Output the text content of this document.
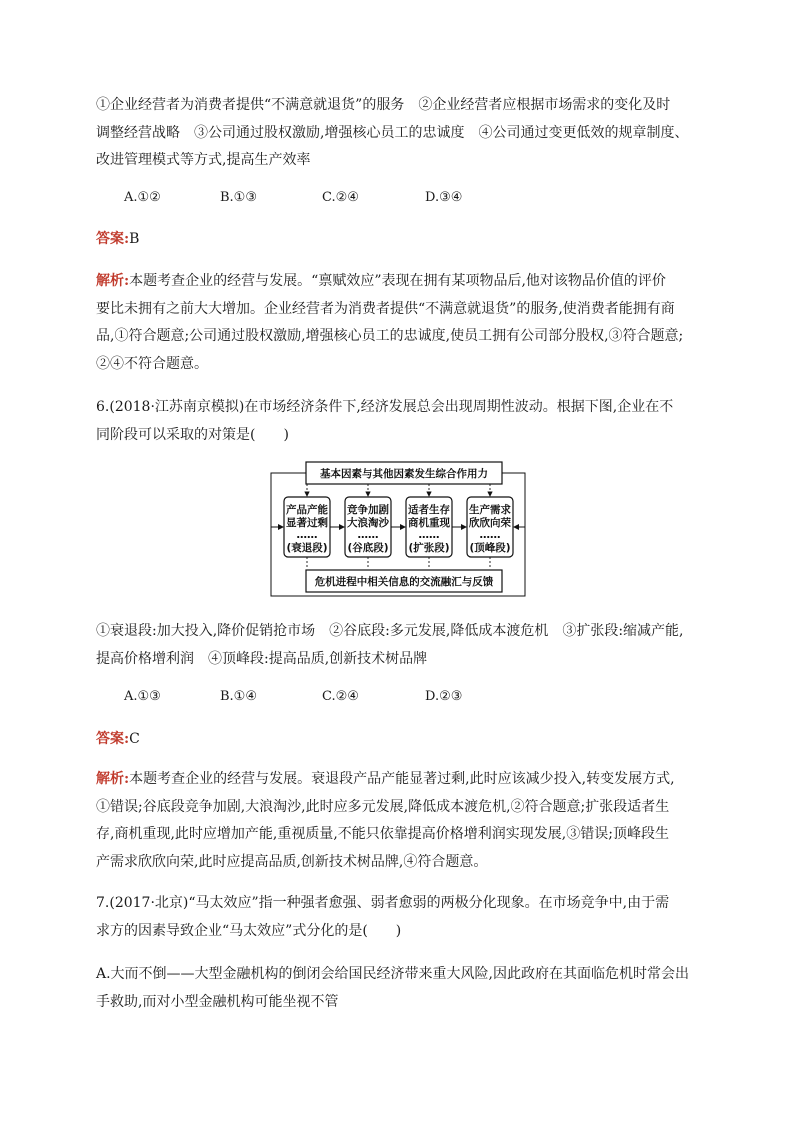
①企业经营者为消费者提供“不满意就退货”的服务　②企业经营者应根据市场需求的变化及时
调整经营战略　③公司通过股权激励,增强核心员工的忠诚度　④公司通过变更低效的规章制度、
改进管理模式等方式,提高生产效率
A.①②	B.①③	C.②④	D.③④
答案:B
解析:本题考查企业的经营与发展。“禀赋效应”表现在拥有某项物品后,他对该物品价值的评价
要比未拥有之前大大增加。企业经营者为消费者提供“不满意就退货”的服务,使消费者能拥有商
品,①符合题意;公司通过股权激励,增强核心员工的忠诚度,使员工拥有公司部分股权,③符合题意;
②④不符合题意。
6.(2018·江苏南京模拟)在市场经济条件下,经济发展总会出现周期性波动。根据下图,企业在不
同阶段可以采取的对策是(　　)
基本因素与其他因素发生综合作用力
危机进程中相关信息的交流融汇与反馈
产品产能
显著过剩
……
(衰退段)
竞争加剧
大浪淘沙
……
(谷底段)
适者生存
商机重现
……
(扩张段)
生产需求
欣欣向荣
……
(顶峰段)
①衰退段:加大投入,降价促销抢市场　②谷底段:多元发展,降低成本渡危机　③扩张段:缩减产能,
提高价格增利润　④顶峰段:提高品质,创新技术树品牌
A.①③	B.①④	C.②④	D.②③
答案:C
解析:本题考查企业的经营与发展。衰退段产品产能显著过剩,此时应该减少投入,转变发展方式,
①错误;谷底段竞争加剧,大浪淘沙,此时应多元发展,降低成本渡危机,②符合题意;扩张段适者生
存,商机重现,此时应增加产能,重视质量,不能只依靠提高价格增利润实现发展,③错误;顶峰段生
产需求欣欣向荣,此时应提高品质,创新技术树品牌,④符合题意。
7.(2017·北京)“马太效应”指一种强者愈强、弱者愈弱的两极分化现象。在市场竞争中,由于需
求方的因素导致企业“马太效应”式分化的是(　　)
A.大而不倒——大型金融机构的倒闭会给国民经济带来重大风险,因此政府在其面临危机时常会出
手救助,而对小型金融机构可能坐视不管
